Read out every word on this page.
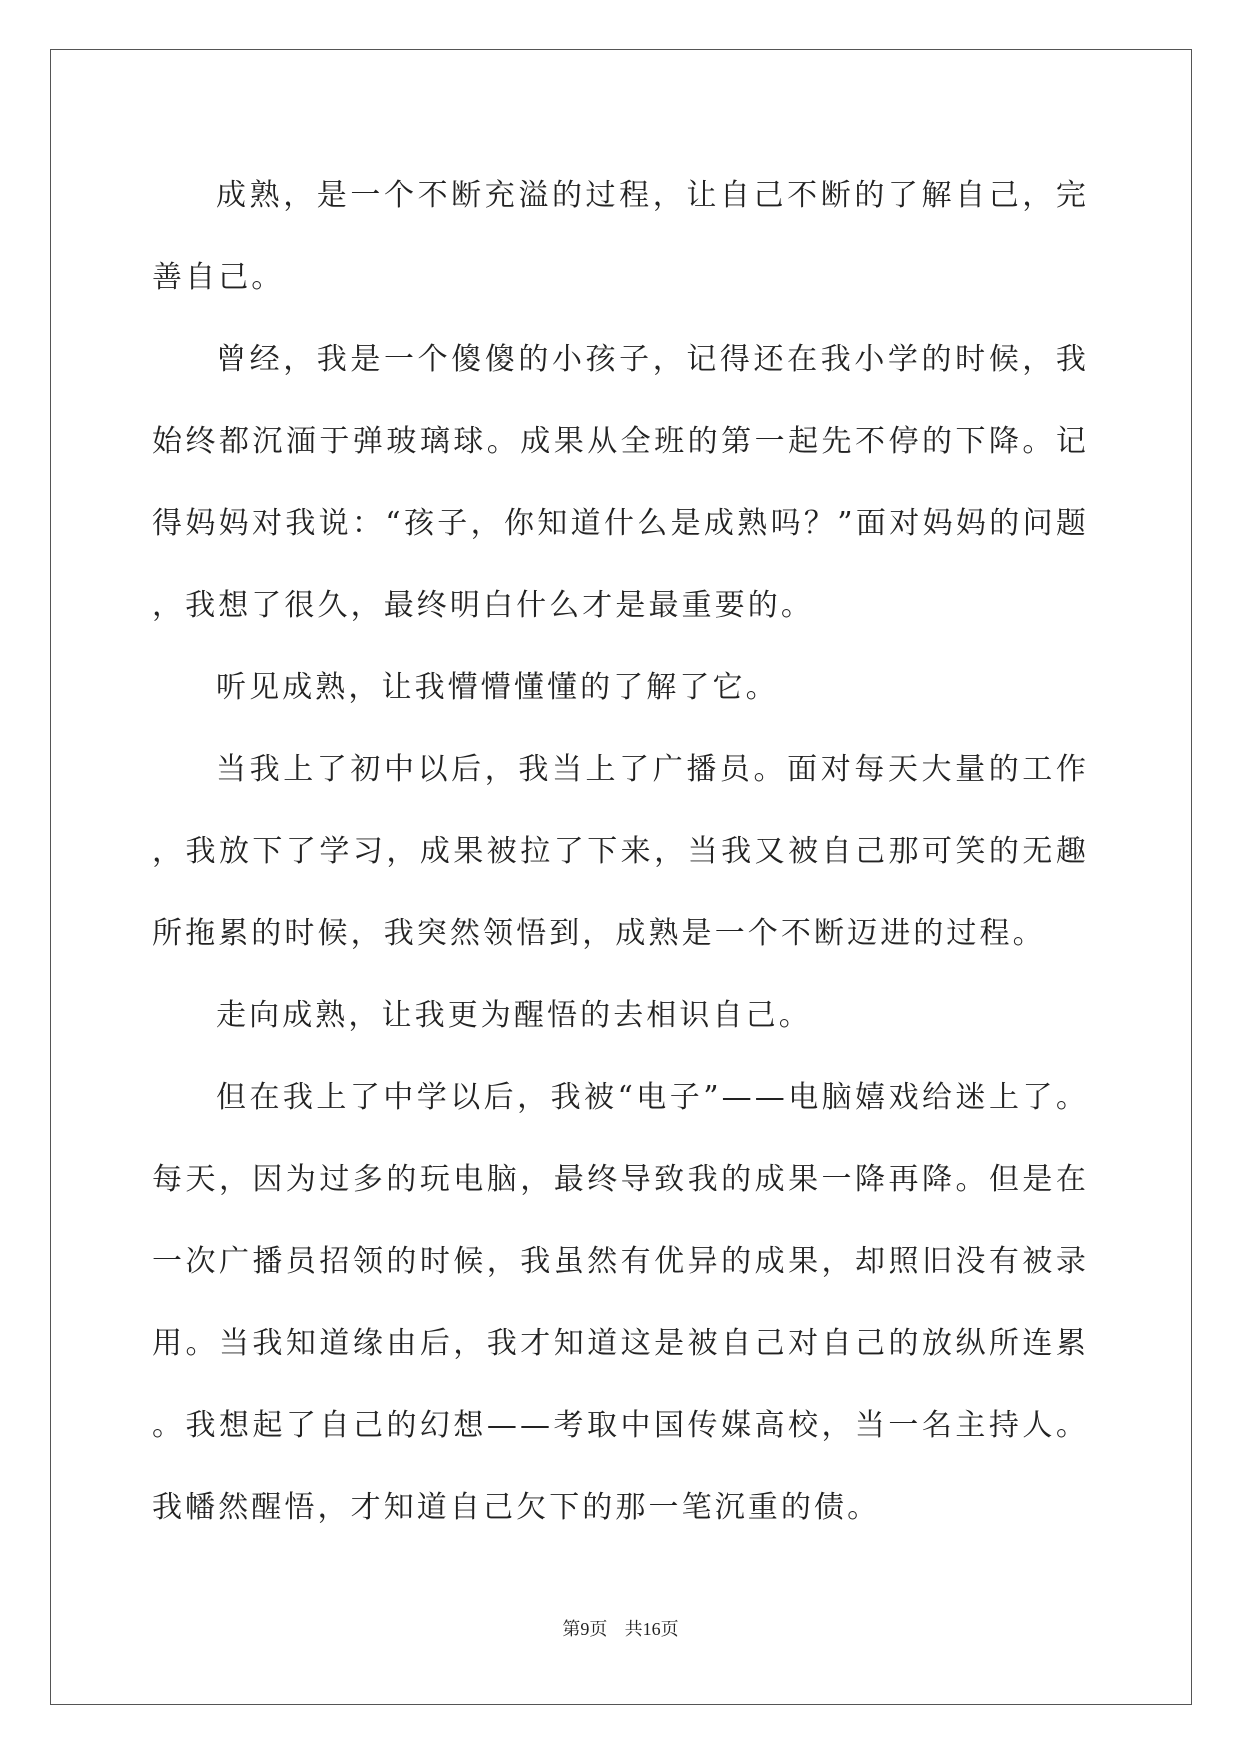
成熟，是一个不断充溢的过程，让自己不断的了解自己，完善自己。

曾经，我是一个傻傻的小孩子，记得还在我小学的时候，我始终都沉湎于弹玻璃球。成果从全班的第一起先不停的下降。记得妈妈对我说：“孩子，你知道什么是成熟吗？”面对妈妈的问题，我想了很久，最终明白什么才是最重要的。

听见成熟，让我懵懵懂懂的了解了它。

当我上了初中以后，我当上了广播员。面对每天大量的工作，我放下了学习，成果被拉了下来，当我又被自己那可笑的无趣所拖累的时候，我突然领悟到，成熟是一个不断迈进的过程。

走向成熟，让我更为醒悟的去相识自己。

但在我上了中学以后，我被“电子”——电脑嬉戏给迷上了。每天，因为过多的玩电脑，最终导致我的成果一降再降。但是在一次广播员招领的时候，我虽然有优异的成果，却照旧没有被录用。当我知道缘由后，我才知道这是被自己对自己的放纵所连累。我想起了自己的幻想——考取中国传媒高校，当一名主持人。我幡然醒悟，才知道自己欠下的那一笔沉重的债。

第9页 共16页
